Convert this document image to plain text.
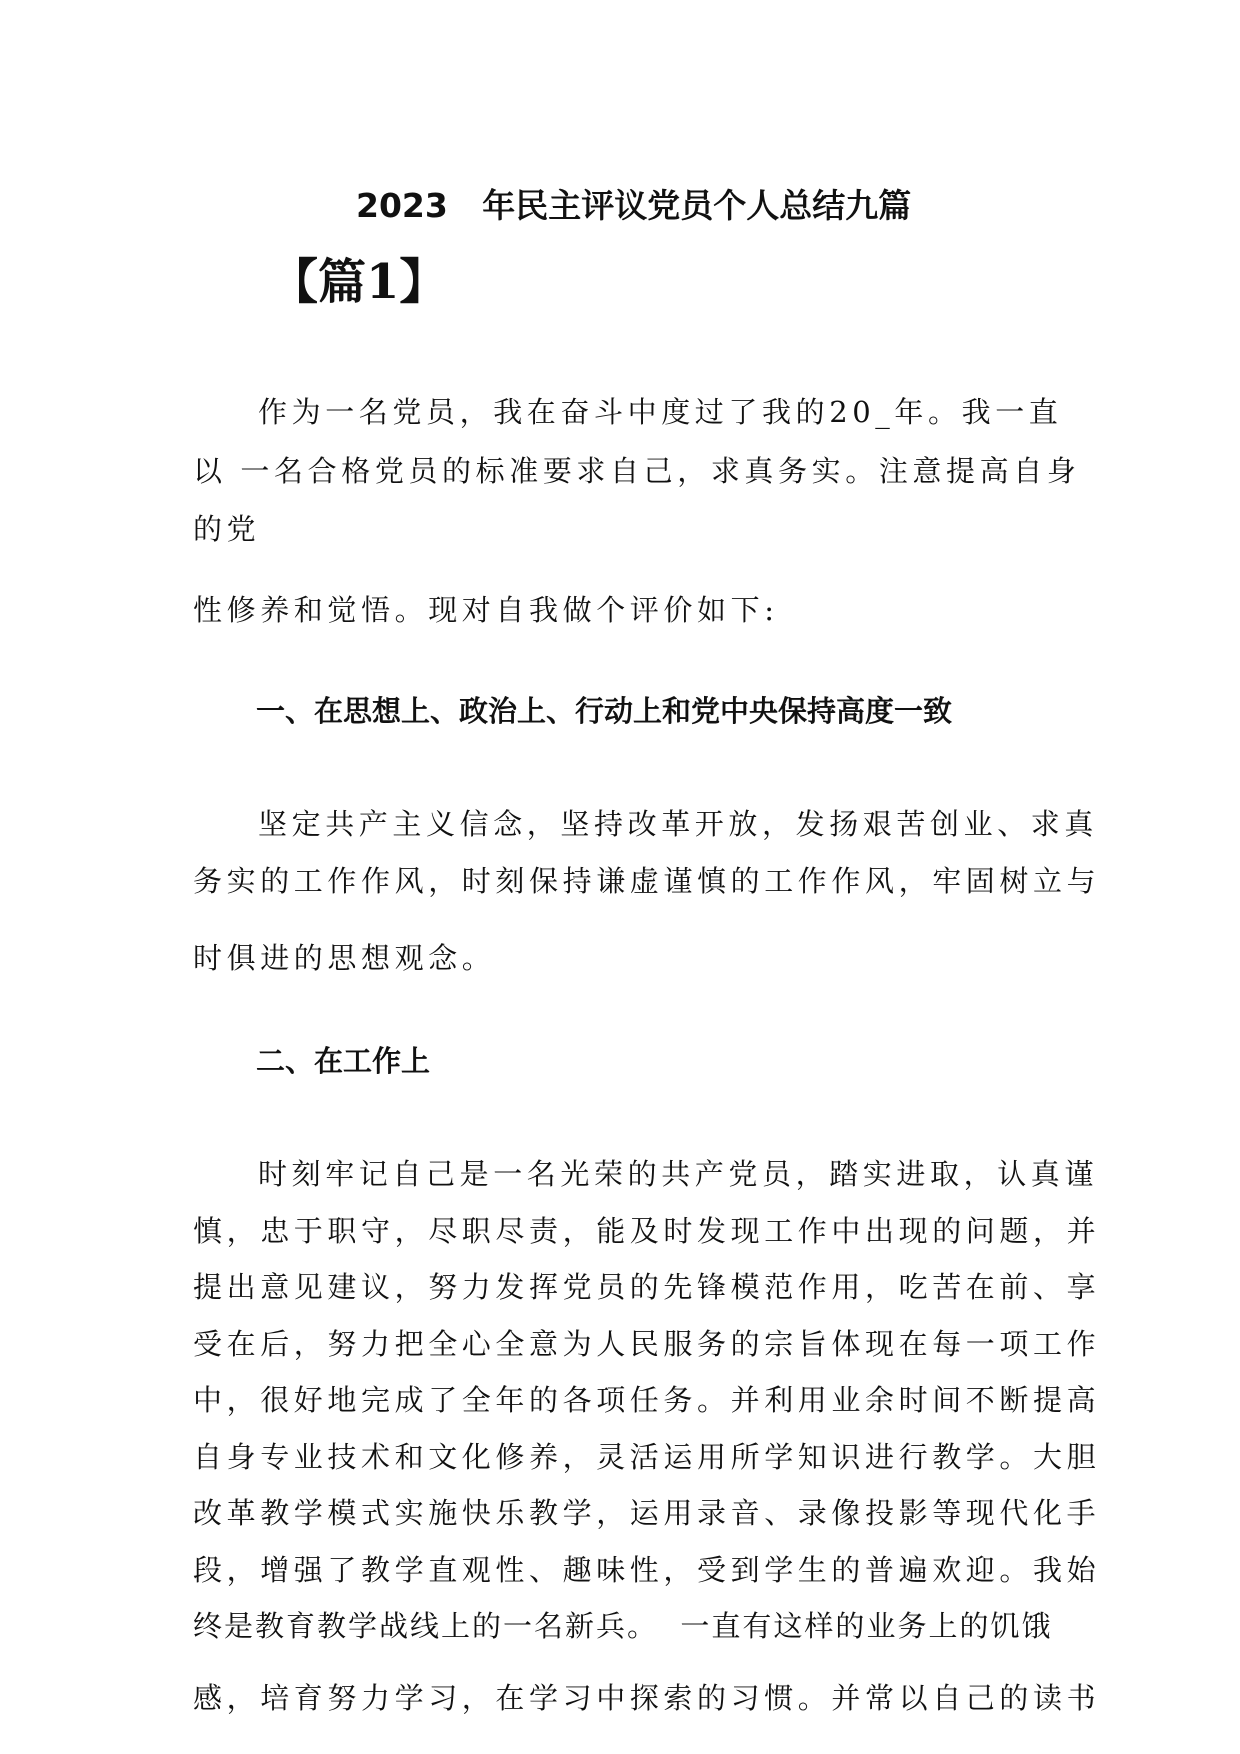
2023   年民主评议党员个人总结九篇
【篇1】
作为一名党员，我在奋斗中度过了我的20_年。我一直
以 一名合格党员的标准要求自己，求真务实。注意提高自身
的党
性修养和觉悟。现对自我做个评价如下:
一、在思想上、政治上、行动上和党中央保持高度一致
坚定共产主义信念，坚持改革开放，发扬艰苦创业、求真
务实的工作作风，时刻保持谦虚谨慎的工作作风，牢固树立与
时俱进的思想观念。
二、在工作上
时刻牢记自己是一名光荣的共产党员，踏实进取，认真谨
慎，忠于职守，尽职尽责，能及时发现工作中出现的问题，并
提出意见建议，努力发挥党员的先锋模范作用，吃苦在前、享
受在后，努力把全心全意为人民服务的宗旨体现在每一项工作
中，很好地完成了全年的各项任务。并利用业余时间不断提高
自身专业技术和文化修养，灵活运用所学知识进行教学。大胆
改革教学模式实施快乐教学，运用录音、录像投影等现代化手
段，增强了教学直观性、趣味性，受到学生的普遍欢迎。我始
终是教育教学战线上的一名新兵。  一直有这样的业务上的饥饿
感，培育努力学习，在学习中探索的习惯。并常以自己的读书
